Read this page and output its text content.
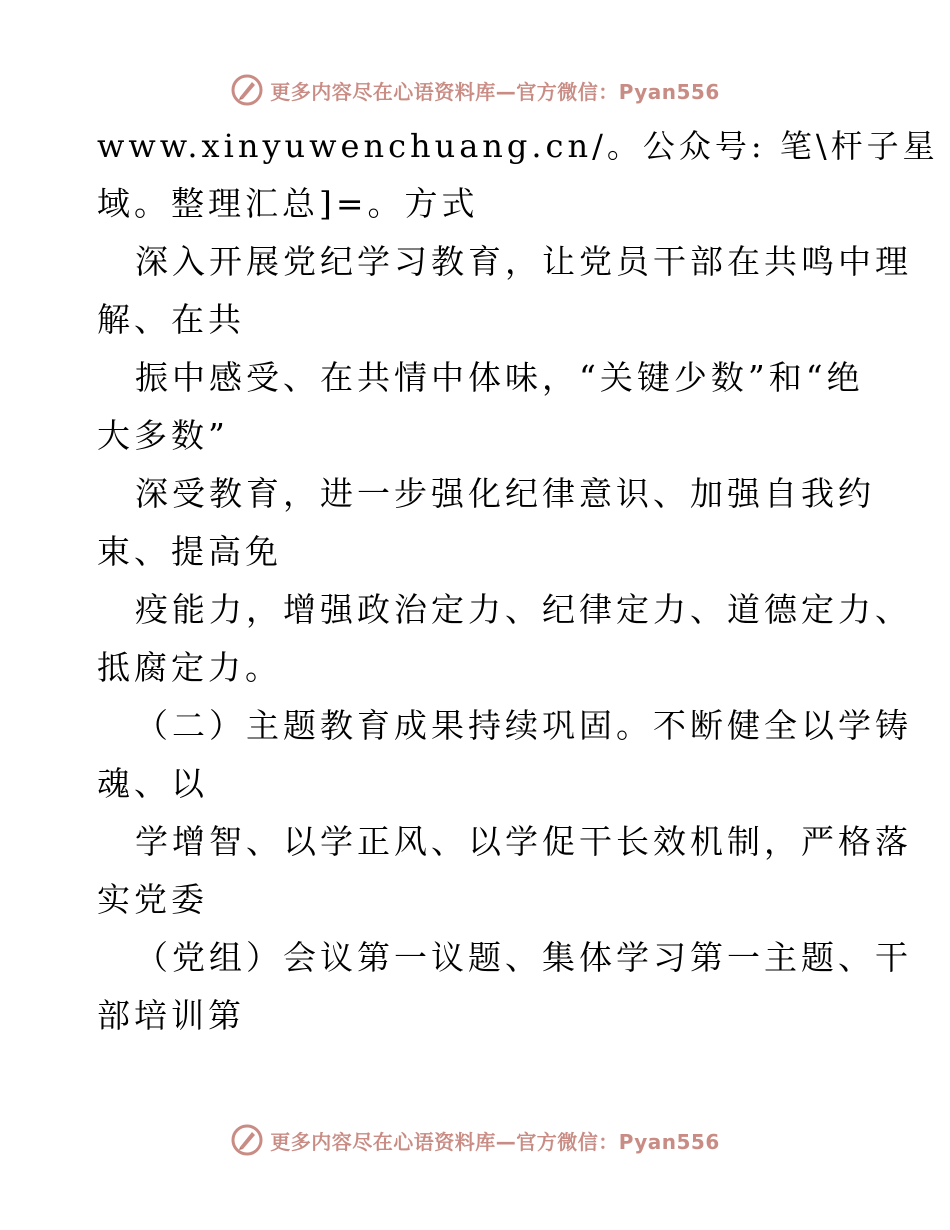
更多内容尽在心语资料库—官方微信：Pyan556
www.xinyuwenchuang.cn/。公众号: 笔\杆子星
域。整理汇总]=。方式
深入开展党纪学习教育，让党员干部在共鸣中理
解、在共
振中感受、在共情中体味，“关键少数”和“绝
大多数”
深受教育，进一步强化纪律意识、加强自我约
束、提高免
疫能力，增强政治定力、纪律定力、道德定力、
抵腐定力。
（二）主题教育成果持续巩固。不断健全以学铸
魂、以
学增智、以学正风、以学促干长效机制，严格落
实党委
（党组）会议第一议题、集体学习第一主题、干
部培训第
更多内容尽在心语资料库—官方微信：Pyan556
